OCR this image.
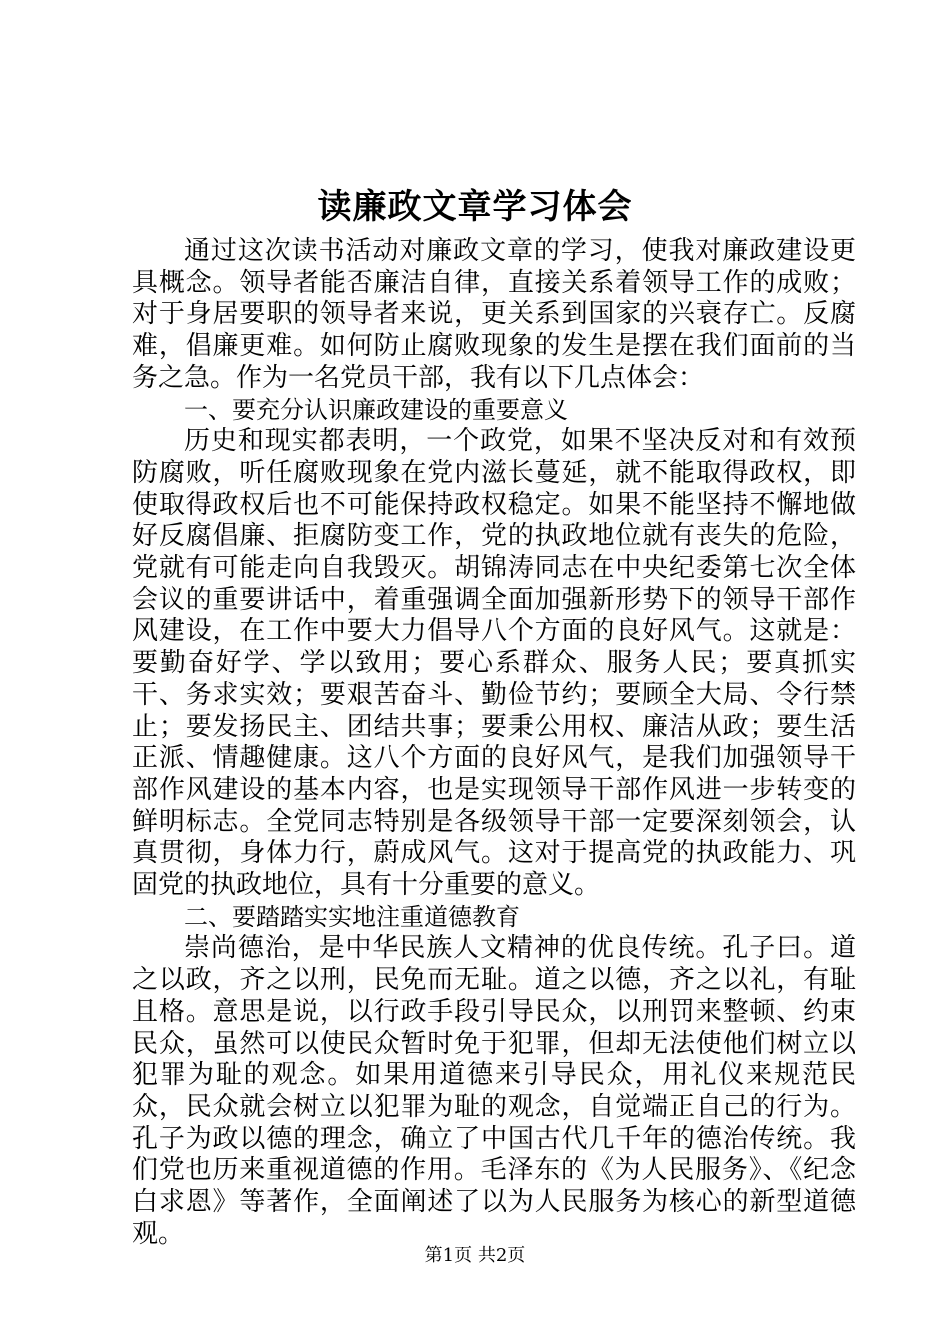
读廉政文章学习体会

通过这次读书活动对廉政文章的学习，使我对廉政建设更具概念。领导者能否廉洁自律，直接关系着领导工作的成败；对于身居要职的领导者来说，更关系到国家的兴衰存亡。反腐难，倡廉更难。如何防止腐败现象的发生是摆在我们面前的当务之急。作为一名党员干部，我有以下几点体会：

一、要充分认识廉政建设的重要意义

历史和现实都表明，一个政党，如果不坚决反对和有效预防腐败，听任腐败现象在党内滋长蔓延，就不能取得政权，即使取得政权后也不可能保持政权稳定。如果不能坚持不懈地做好反腐倡廉、拒腐防变工作，党的执政地位就有丧失的危险，党就有可能走向自我毁灭。胡锦涛同志在中央纪委第七次全体会议的重要讲话中，着重强调全面加强新形势下的领导干部作风建设，在工作中要大力倡导八个方面的良好风气。这就是：要勤奋好学、学以致用；要心系群众、服务人民；要真抓实干、务求实效；要艰苦奋斗、勤俭节约；要顾全大局、令行禁止；要发扬民主、团结共事；要秉公用权、廉洁从政；要生活正派、情趣健康。这八个方面的良好风气，是我们加强领导干部作风建设的基本内容，也是实现领导干部作风进一步转变的鲜明标志。全党同志特别是各级领导干部一定要深刻领会，认真贯彻，身体力行，蔚成风气。这对于提高党的执政能力、巩固党的执政地位，具有十分重要的意义。

二、要踏踏实实地注重道德教育

崇尚德治，是中华民族人文精神的优良传统。孔子曰。道之以政，齐之以刑，民免而无耻。道之以德，齐之以礼，有耻且格。意思是说，以行政手段引导民众，以刑罚来整顿、约束民众，虽然可以使民众暂时免于犯罪，但却无法使他们树立以犯罪为耻的观念。如果用道德来引导民众，用礼仪来规范民众，民众就会树立以犯罪为耻的观念，自觉端正自己的行为。孔子为政以德的理念，确立了中国古代几千年的德治传统。我们党也历来重视道德的作用。毛泽东的《为人民服务》、《纪念白求恩》等著作，全面阐述了以为人民服务为核心的新型道德观。

第1页 共2页
